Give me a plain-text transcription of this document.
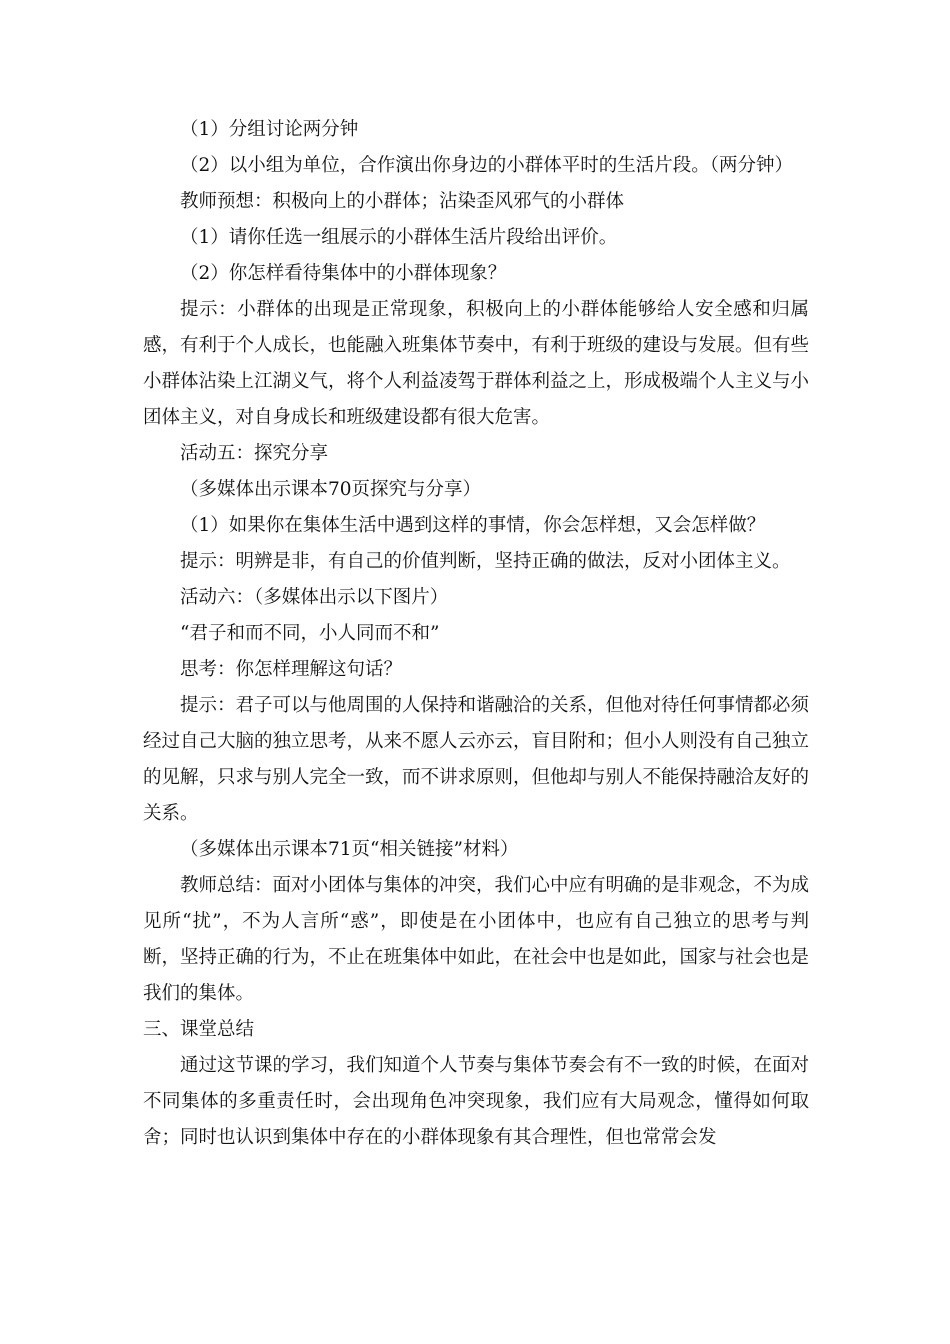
（1）分组讨论两分钟

（2）以小组为单位，合作演出你身边的小群体平时的生活片段。（两分钟）

教师预想：积极向上的小群体；沾染歪风邪气的小群体

（1）请你任选一组展示的小群体生活片段给出评价。

（2）你怎样看待集体中的小群体现象？

提示：小群体的出现是正常现象，积极向上的小群体能够给人安全感和归属感，有利于个人成长，也能融入班集体节奏中，有利于班级的建设与发展。但有些小群体沾染上江湖义气，将个人利益凌驾于群体利益之上，形成极端个人主义与小团体主义，对自身成长和班级建设都有很大危害。

活动五：探究分享

（多媒体出示课本70页探究与分享）

（1）如果你在集体生活中遇到这样的事情，你会怎样想，又会怎样做？

提示：明辨是非，有自己的价值判断，坚持正确的做法，反对小团体主义。

活动六：（多媒体出示以下图片）

“君子和而不同，小人同而不和”

思考：你怎样理解这句话？

提示：君子可以与他周围的人保持和谐融洽的关系，但他对待任何事情都必须经过自己大脑的独立思考，从来不愿人云亦云，盲目附和；但小人则没有自己独立的见解，只求与别人完全一致，而不讲求原则，但他却与别人不能保持融洽友好的关系。

（多媒体出示课本71页“相关链接”材料）

教师总结：面对小团体与集体的冲突，我们心中应有明确的是非观念，不为成见所“扰”，不为人言所“惑”，即使是在小团体中，也应有自己独立的思考与判断，坚持正确的行为，不止在班集体中如此，在社会中也是如此，国家与社会也是我们的集体。

三、课堂总结

通过这节课的学习，我们知道个人节奏与集体节奏会有不一致的时候，在面对不同集体的多重责任时，会出现角色冲突现象，我们应有大局观念，懂得如何取舍；同时也认识到集体中存在的小群体现象有其合理性，但也常常会发
